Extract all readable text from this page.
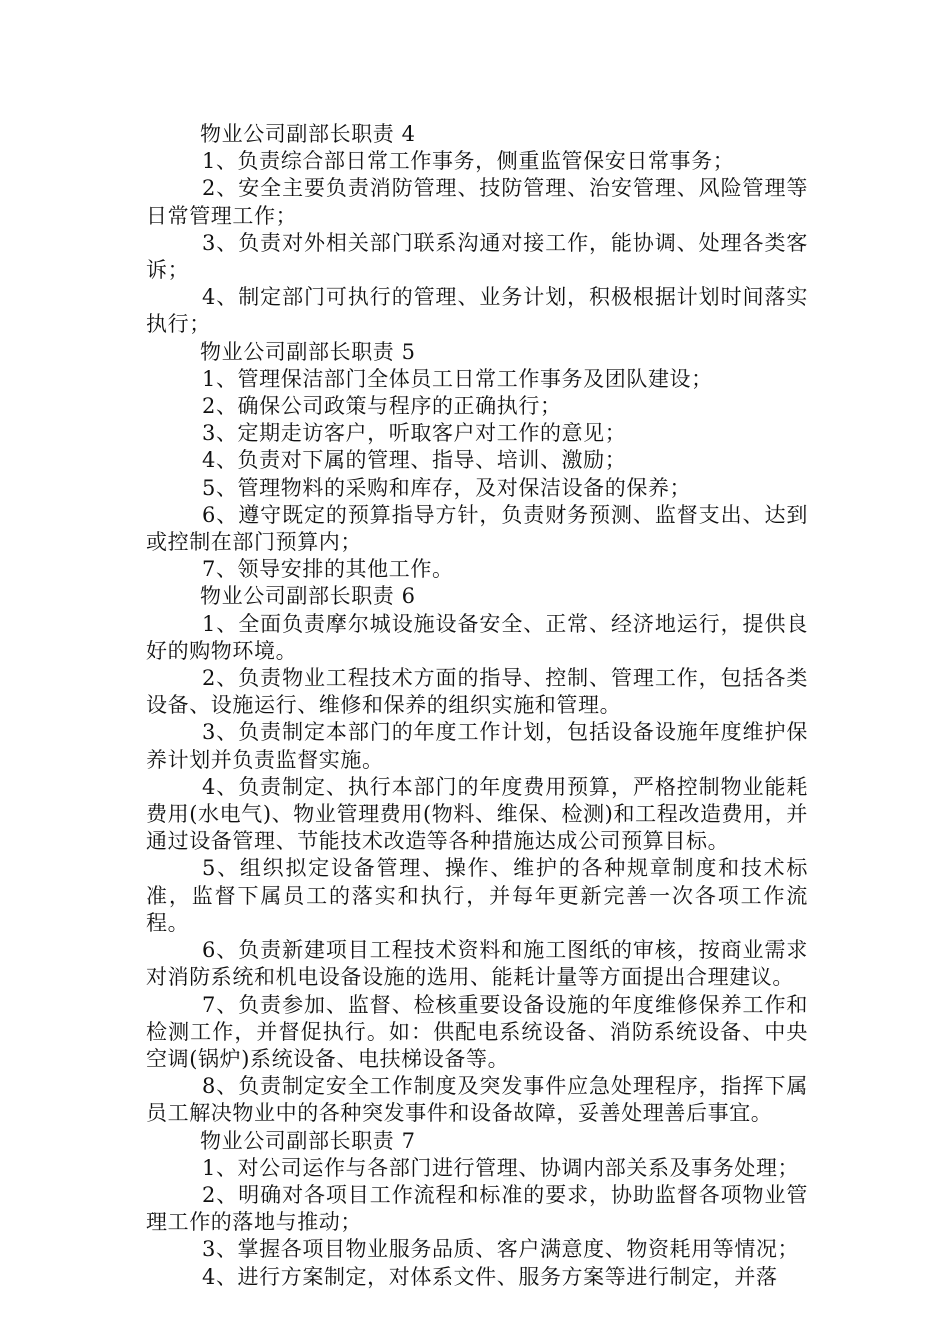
物业公司副部长职责 4

1、负责综合部日常工作事务，侧重监管保安日常事务；

2、安全主要负责消防管理、技防管理、治安管理、风险管理等日常管理工作；

3、负责对外相关部门联系沟通对接工作，能协调、处理各类客诉；

4、制定部门可执行的管理、业务计划，积极根据计划时间落实执行；

物业公司副部长职责 5

1、管理保洁部门全体员工日常工作事务及团队建设；

2、确保公司政策与程序的正确执行；

3、定期走访客户，听取客户对工作的意见；

4、负责对下属的管理、指导、培训、激励；

5、管理物料的采购和库存，及对保洁设备的保养；

6、遵守既定的预算指导方针，负责财务预测、监督支出、达到或控制在部门预算内；

7、领导安排的其他工作。

物业公司副部长职责 6

1、全面负责摩尔城设施设备安全、正常、经济地运行，提供良好的购物环境。

2、负责物业工程技术方面的指导、控制、管理工作，包括各类设备、设施运行、维修和保养的组织实施和管理。

3、负责制定本部门的年度工作计划，包括设备设施年度维护保养计划并负责监督实施。

4、负责制定、执行本部门的年度费用预算，严格控制物业能耗费用(水电气)、物业管理费用(物料、维保、检测)和工程改造费用，并通过设备管理、节能技术改造等各种措施达成公司预算目标。

5、组织拟定设备管理、操作、维护的各种规章制度和技术标准，监督下属员工的落实和执行，并每年更新完善一次各项工作流程。

6、负责新建项目工程技术资料和施工图纸的审核，按商业需求对消防系统和机电设备设施的选用、能耗计量等方面提出合理建议。

7、负责参加、监督、检核重要设备设施的年度维修保养工作和检测工作，并督促执行。如：供配电系统设备、消防系统设备、中央空调(锅炉)系统设备、电扶梯设备等。

8、负责制定安全工作制度及突发事件应急处理程序，指挥下属员工解决物业中的各种突发事件和设备故障，妥善处理善后事宜。

物业公司副部长职责 7

1、对公司运作与各部门进行管理、协调内部关系及事务处理；

2、明确对各项目工作流程和标准的要求，协助监督各项物业管理工作的落地与推动；

3、掌握各项目物业服务品质、客户满意度、物资耗用等情况；

4、进行方案制定，对体系文件、服务方案等进行制定，并落
